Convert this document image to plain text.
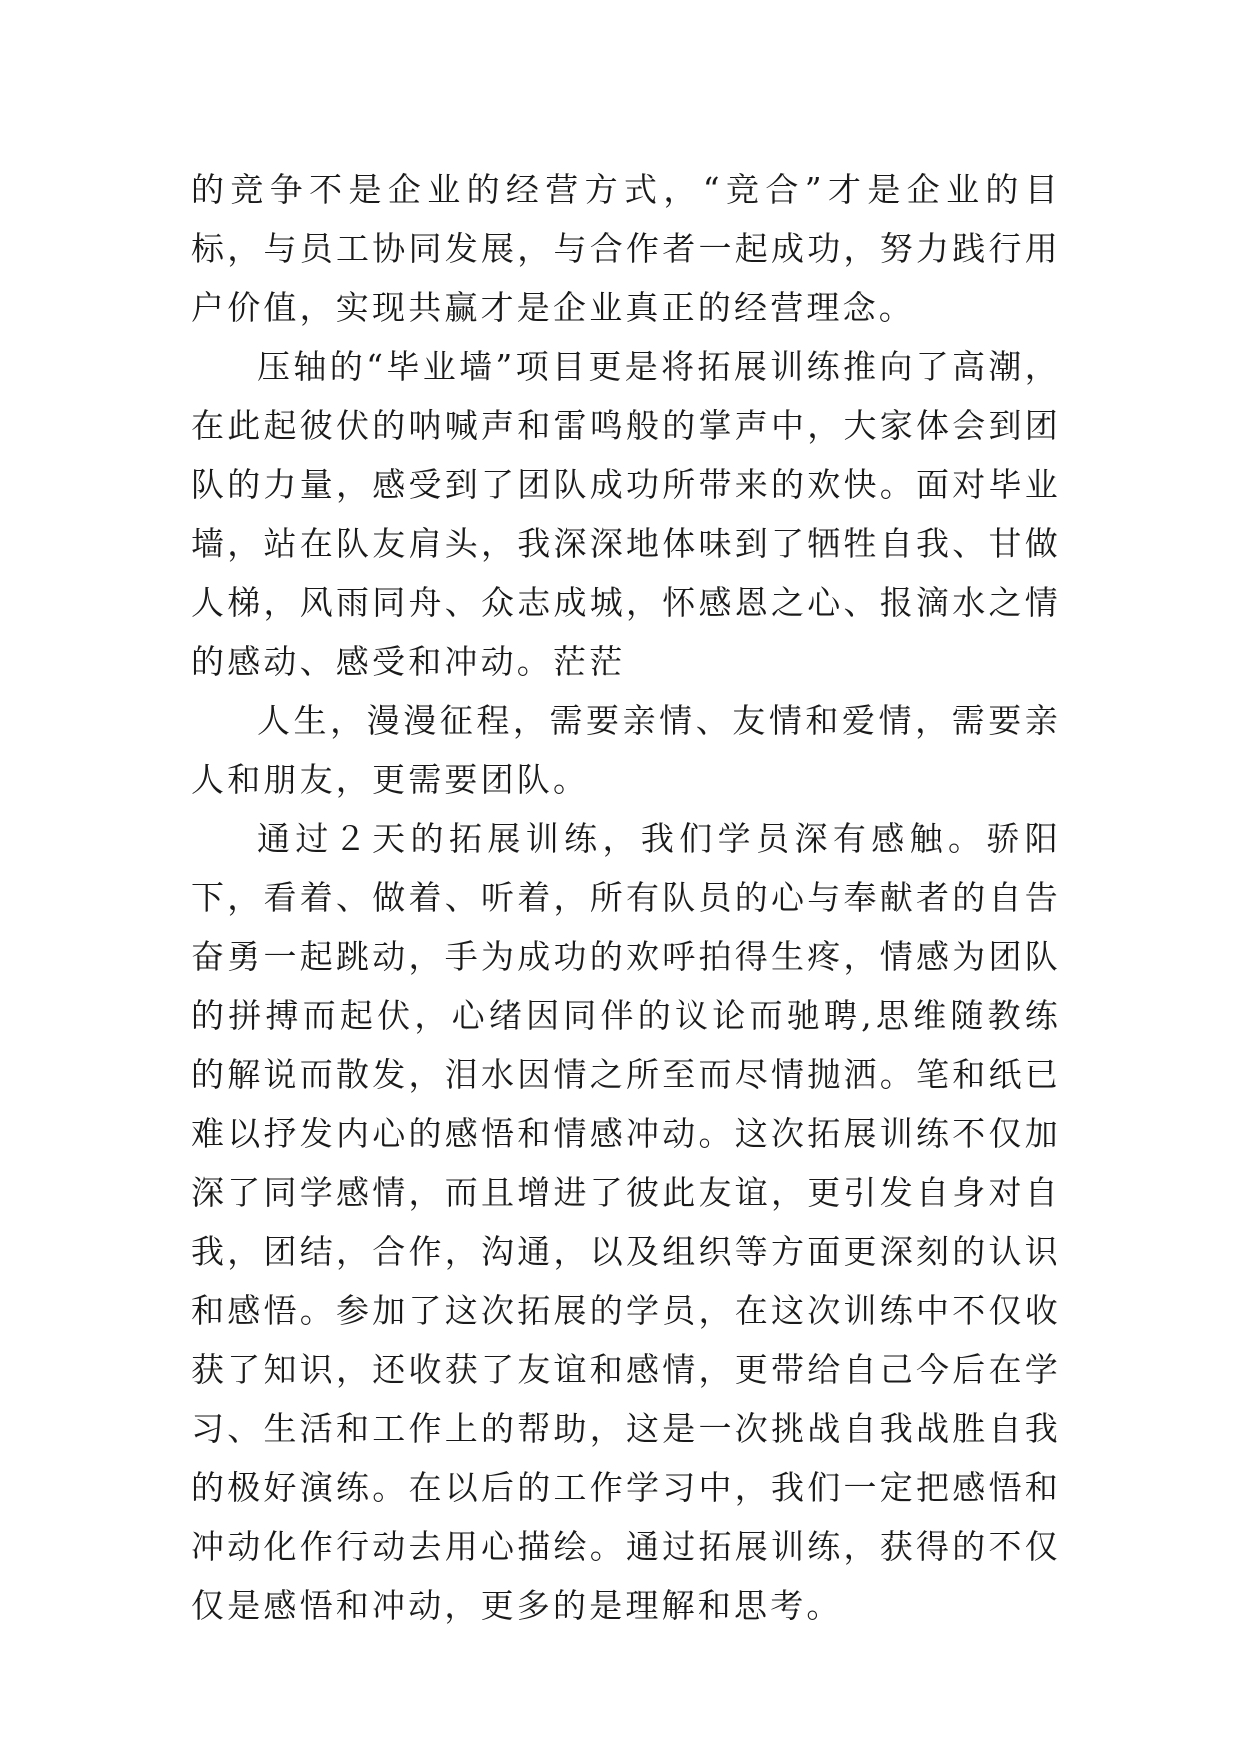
的竞争不是企业的经营方式，“竞合”才是企业的目标，与员工协同发展，与合作者一起成功，努力践行用户价值，实现共赢才是企业真正的经营理念。

压轴的“毕业墙”项目更是将拓展训练推向了高潮，在此起彼伏的呐喊声和雷鸣般的掌声中，大家体会到团队的力量，感受到了团队成功所带来的欢快。面对毕业墙，站在队友肩头，我深深地体味到了牺牲自我、甘做人梯，风雨同舟、众志成城，怀感恩之心、报滴水之情的感动、感受和冲动。茫茫

人生，漫漫征程，需要亲情、友情和爱情，需要亲人和朋友，更需要团队。

通过２天的拓展训练，我们学员深有感触。骄阳下，看着、做着、听着，所有队员的心与奉献者的自告奋勇一起跳动，手为成功的欢呼拍得生疼，情感为团队的拼搏而起伏，心绪因同伴的议论而驰聘,思维随教练的解说而散发，泪水因情之所至而尽情抛洒。笔和纸已难以抒发内心的感悟和情感冲动。这次拓展训练不仅加深了同学感情，而且增进了彼此友谊，更引发自身对自我，团结，合作，沟通，以及组织等方面更深刻的认识和感悟。参加了这次拓展的学员，在这次训练中不仅收获了知识，还收获了友谊和感情，更带给自己今后在学习、生活和工作上的帮助，这是一次挑战自我战胜自我的极好演练。在以后的工作学习中，我们一定把感悟和冲动化作行动去用心描绘。通过拓展训练，获得的不仅仅是感悟和冲动，更多的是理解和思考。
